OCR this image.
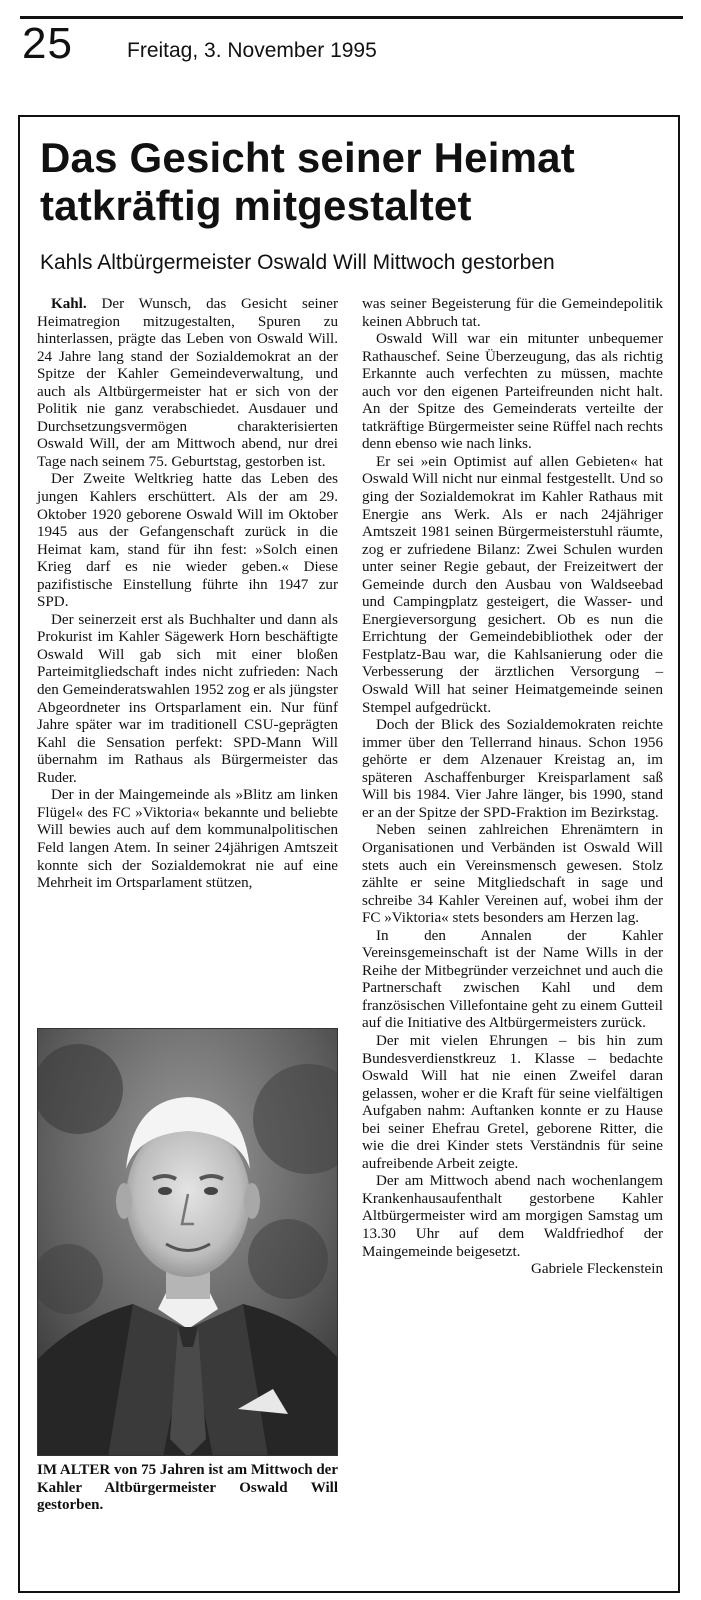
25	Freitag, 3. November 1995
Das Gesicht seiner Heimat
tatkräftig mitgestaltet
Kahls Altbürgermeister Oswald Will Mittwoch gestorben

Kahl. Der Wunsch, das Gesicht seiner Heimatregion mitzugestalten, Spuren zu hinterlassen, prägte das Leben von Oswald Will. 24 Jahre lang stand der Sozialdemokrat an der Spitze der Kahler Gemeindeverwaltung, und auch als Altbürgermeister hat er sich von der Politik nie ganz verabschiedet. Ausdauer und Durchsetzungsvermögen charakterisierten Oswald Will, der am Mittwoch abend, nur drei Tage nach seinem 75. Geburtstag, gestorben ist.

Der Zweite Weltkrieg hatte das Leben des jungen Kahlers erschüttert. Als der am 29. Oktober 1920 geborene Oswald Will im Oktober 1945 aus der Gefangenschaft zurück in die Heimat kam, stand für ihn fest: »Solch einen Krieg darf es nie wieder geben.« Diese pazifistische Einstellung führte ihn 1947 zur SPD.

Der seinerzeit erst als Buchhalter und dann als Prokurist im Kahler Sägewerk Horn beschäftigte Oswald Will gab sich mit einer bloßen Parteimitgliedschaft indes nicht zufrieden: Nach den Gemeinderatswahlen 1952 zog er als jüngster Abgeordneter ins Ortsparlament ein. Nur fünf Jahre später war im traditionell CSU-geprägten Kahl die Sensation perfekt: SPD-Mann Will übernahm im Rathaus als Bürgermeister das Ruder.

Der in der Maingemeinde als »Blitz am linken Flügel« des FC »Viktoria« bekannte und beliebte Will bewies auch auf dem kommunalpolitischen Feld langen Atem. In seiner 24jährigen Amtszeit konnte sich der Sozialdemokrat nie auf eine Mehrheit im Ortsparlament stützen,

IM ALTER von 75 Jahren ist am Mittwoch der Kahler Altbürgermeister Oswald Will gestorben.

was seiner Begeisterung für die Gemeindepolitik keinen Abbruch tat.

Oswald Will war ein mitunter unbequemer Rathauschef. Seine Überzeugung, das als richtig Erkannte auch verfechten zu müssen, machte auch vor den eigenen Parteifreunden nicht halt. An der Spitze des Gemeinderats verteilte der tatkräftige Bürgermeister seine Rüffel nach rechts denn ebenso wie nach links.

Er sei »ein Optimist auf allen Gebieten« hat Oswald Will nicht nur einmal festgestellt. Und so ging der Sozialdemokrat im Kahler Rathaus mit Energie ans Werk. Als er nach 24jähriger Amtszeit 1981 seinen Bürgermeisterstuhl räumte, zog er zufriedene Bilanz: Zwei Schulen wurden unter seiner Regie gebaut, der Freizeitwert der Gemeinde durch den Ausbau von Waldseebad und Campingplatz gesteigert, die Wasser- und Energieversorgung gesichert. Ob es nun die Errichtung der Gemeindebibliothek oder der Festplatz-Bau war, die Kahlsanierung oder die Verbesserung der ärztlichen Versorgung – Oswald Will hat seiner Heimatgemeinde seinen Stempel aufgedrückt.

Doch der Blick des Sozialdemokraten reichte immer über den Tellerrand hinaus. Schon 1956 gehörte er dem Alzenauer Kreistag an, im späteren Aschaffenburger Kreisparlament saß Will bis 1984. Vier Jahre länger, bis 1990, stand er an der Spitze der SPD-Fraktion im Bezirkstag.

Neben seinen zahlreichen Ehrenämtern in Organisationen und Verbänden ist Oswald Will stets auch ein Vereinsmensch gewesen. Stolz zählte er seine Mitgliedschaft in sage und schreibe 34 Kahler Vereinen auf, wobei ihm der FC »Viktoria« stets besonders am Herzen lag.

In den Annalen der Kahler Vereinsgemeinschaft ist der Name Wills in der Reihe der Mitbegründer verzeichnet und auch die Partnerschaft zwischen Kahl und dem französischen Villefontaine geht zu einem Gutteil auf die Initiative des Altbürgermeisters zurück.

Der mit vielen Ehrungen – bis hin zum Bundesverdienstkreuz 1. Klasse – bedachte Oswald Will hat nie einen Zweifel daran gelassen, woher er die Kraft für seine vielfältigen Aufgaben nahm: Auftanken konnte er zu Hause bei seiner Ehefrau Gretel, geborene Ritter, die wie die drei Kinder stets Verständnis für seine aufreibende Arbeit zeigte.

Der am Mittwoch abend nach wochenlangem Krankenhausaufenthalt gestorbene Kahler Altbürgermeister wird am morgigen Samstag um 13.30 Uhr auf dem Waldfriedhof der Maingemeinde beigesetzt.
Gabriele Fleckenstein
